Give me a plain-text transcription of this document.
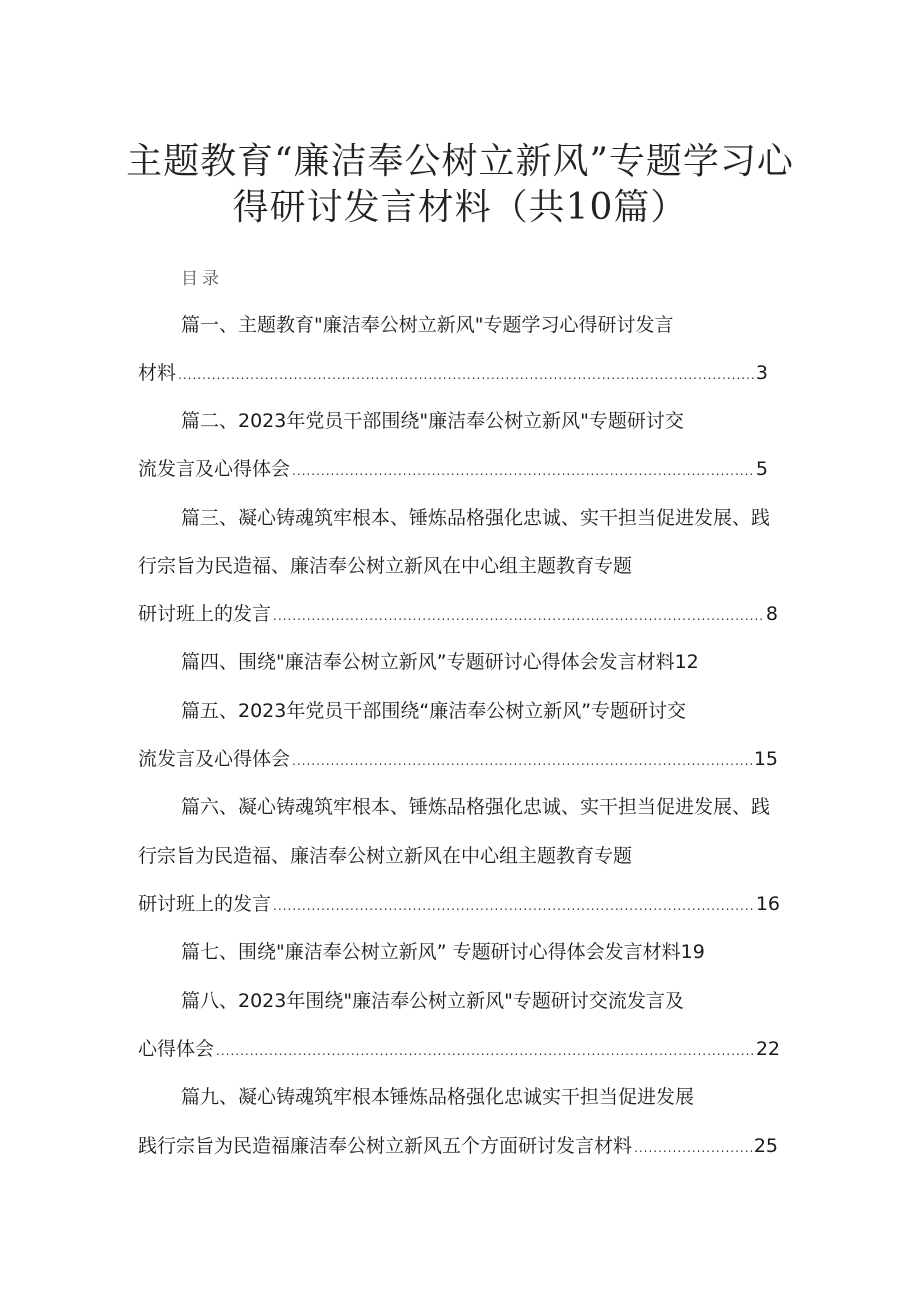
主题教育“廉洁奉公树立新风”专题学习心
得研讨发言材料（共10篇）
目录
篇一、主题教育"廉洁奉公树立新风"专题学习心得研讨发言
材料 .....	3
篇二、2023年党员干部围绕"廉洁奉公树立新风"专题研讨交
流发言及心得体会 .....	5
篇三、凝心铸魂筑牢根本、锤炼品格强化忠诚、实干担当促进发展、践
行宗旨为民造福、廉洁奉公树立新风在中心组主题教育专题
研讨班上的发言 .....	8
篇四、围绕"廉洁奉公树立新风”专题研讨心得体会发言材料12
篇五、2023年党员干部围绕“廉洁奉公树立新风”专题研讨交
流发言及心得体会 .....	15
篇六、凝心铸魂筑牢根本、锤炼品格强化忠诚、实干担当促进发展、践
行宗旨为民造福、廉洁奉公树立新风在中心组主题教育专题
研讨班上的发言 .....	16
篇七、围绕"廉洁奉公树立新风” 专题研讨心得体会发言材料19
篇八、2023年围绕"廉洁奉公树立新风"专题研讨交流发言及
心得体会 .....	22
篇九、凝心铸魂筑牢根本锤炼品格强化忠诚实干担当促进发展
践行宗旨为民造福廉洁奉公树立新风五个方面研讨发言材料 .....	25
